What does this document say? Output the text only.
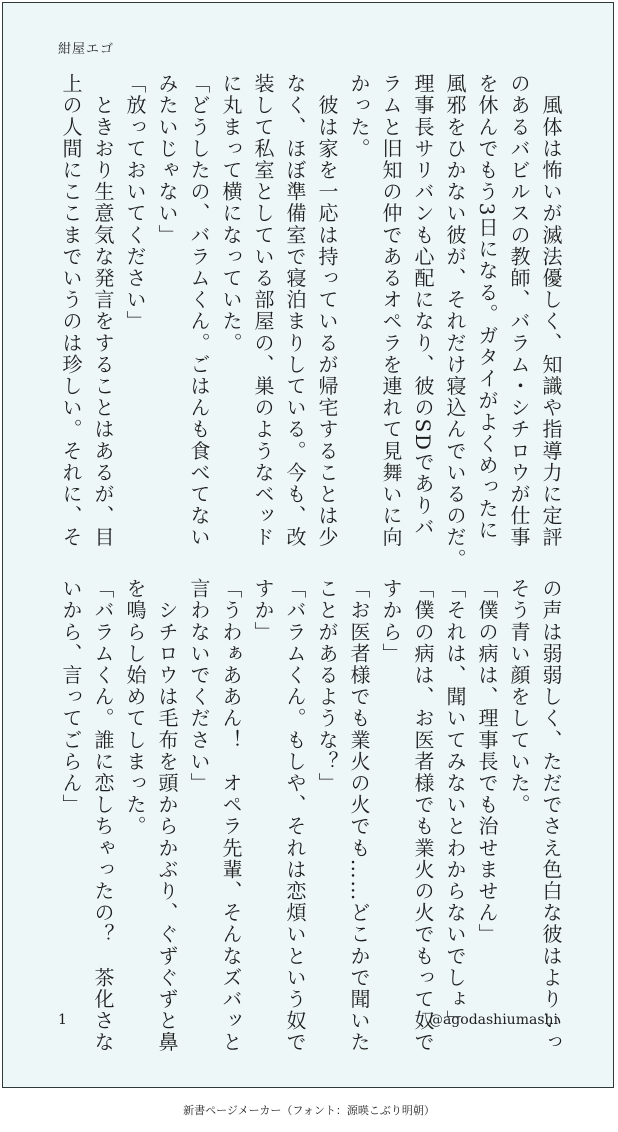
紺屋エゴ
　風体は怖いが滅法優しく、知識や指導力に定評
のあるバビルスの教師、バラム・シチロウが仕事
を休んでもう3日になる。ガタイがよくめったに
風邪をひかない彼が、それだけ寝込んでいるのだ。
理事長サリバンも心配になり、彼のSDでありバ
ラムと旧知の仲であるオペラを連れて見舞いに向
かった。
　彼は家を一応は持っているが帰宅することは少
なく、ほぼ準備室で寝泊まりしている。今も、改
装して私室としている部屋の、巣のようなベッド
に丸まって横になっていた。
「どうしたの、バラムくん。ごはんも食べてない
みたいじゃない」
「放っておいてください」
　ときおり生意気な発言をすることはあるが、目
上の人間にここまでいうのは珍しい。それに、そ
の声は弱弱しく、ただでさえ色白な彼はよりいっ
そう青い顔をしていた。
「僕の病は、理事長でも治せません」
「それは、聞いてみないとわからないでしょ」
「僕の病は、お医者様でも業火の火でもって奴で
すから」
「お医者様でも業火の火でも……どこかで聞いた
ことがあるような？」
「バラムくん。もしや、それは恋煩いという奴で
すか」
「うわぁああん！　オペラ先輩、そんなズバッと
言わないでください」
　シチロウは毛布を頭からかぶり、ぐずぐずと鼻
を鳴らし始めてしまった。
「バラムくん。誰に恋しちゃったの？　茶化さな
いから、言ってごらん」
1	@agodashiumashi
新書ページメーカー（フォント：源暎こぶり明朝）
